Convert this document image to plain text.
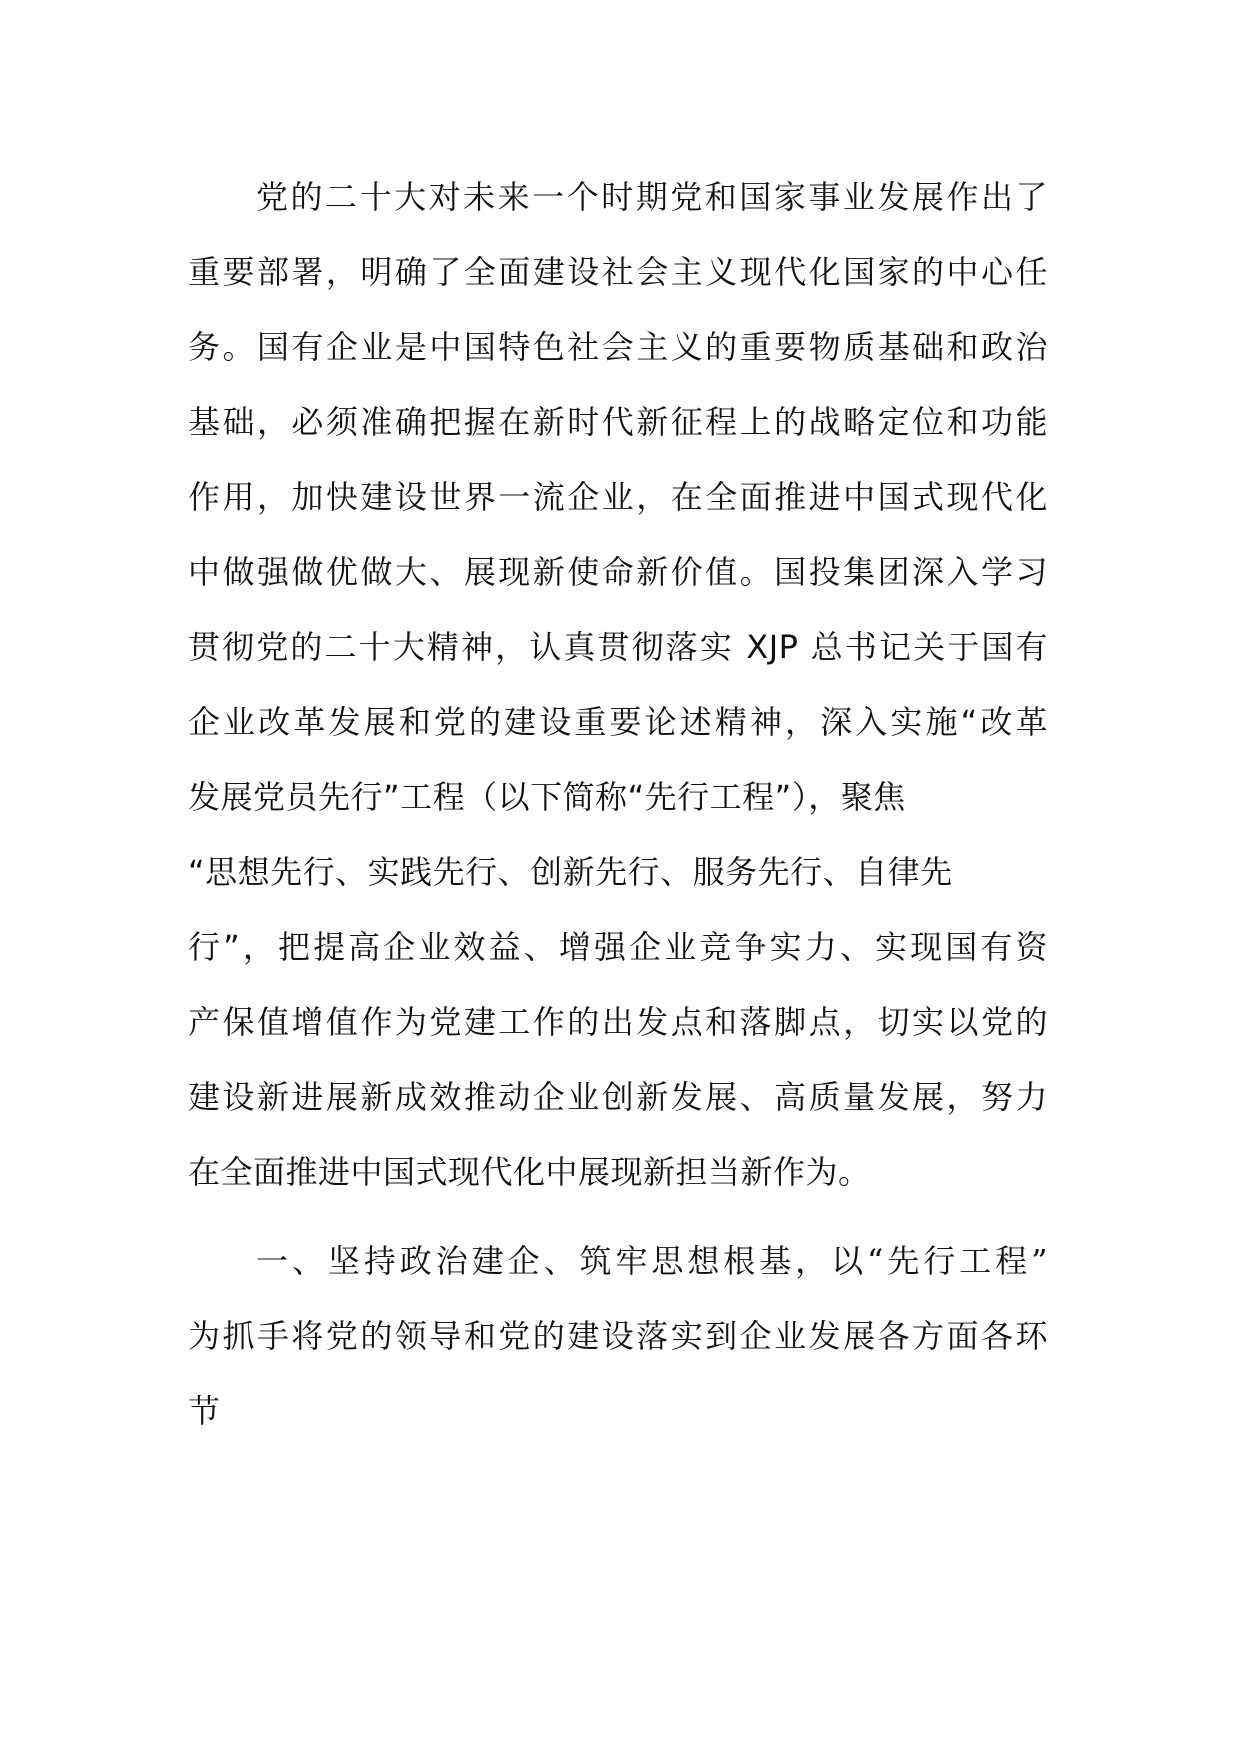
党的二十大对未来一个时期党和国家事业发展作出了
重要部署，明确了全面建设社会主义现代化国家的中心任
务。国有企业是中国特色社会主义的重要物质基础和政治
基础，必须准确把握在新时代新征程上的战略定位和功能
作用，加快建设世界一流企业，在全面推进中国式现代化
中做强做优做大、展现新使命新价值。国投集团深入学习
贯彻党的二十大精神，认真贯彻落实 XJP 总书记关于国有
企业改革发展和党的建设重要论述精神，深入实施“改革
发展党员先行”工程（以下简称“先行工程”），聚焦
“思想先行、实践先行、创新先行、服务先行、自律先
行”，把提高企业效益、增强企业竞争实力、实现国有资
产保值增值作为党建工作的出发点和落脚点，切实以党的
建设新进展新成效推动企业创新发展、高质量发展，努力
在全面推进中国式现代化中展现新担当新作为。
一、坚持政治建企、筑牢思想根基，以“先行工程”
为抓手将党的领导和党的建设落实到企业发展各方面各环
节
